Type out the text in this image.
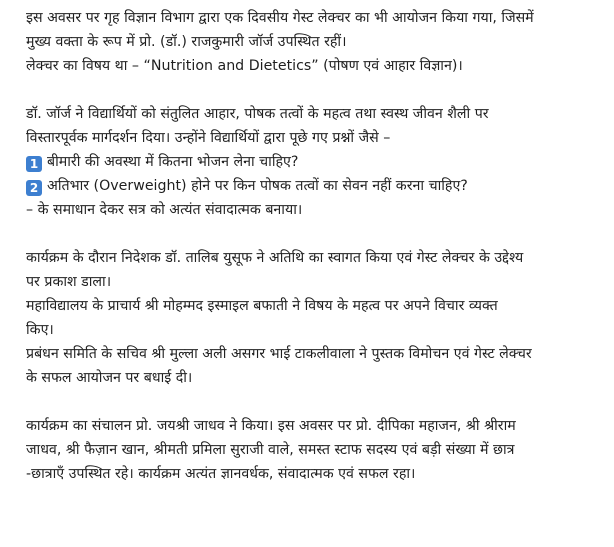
इस अवसर पर गृह विज्ञान विभाग द्वारा एक दिवसीय गेस्ट लेक्चर का भी आयोजन किया गया, जिसमें
मुख्य वक्ता के रूप में प्रो. (डॉ.) राजकुमारी जॉर्ज उपस्थित रहीं।
लेक्चर का विषय था – “Nutrition and Dietetics” (पोषण एवं आहार विज्ञान)।
डॉ. जॉर्ज ने विद्यार्थियों को संतुलित आहार, पोषक तत्वों के महत्व तथा स्वस्थ जीवन शैली पर
विस्तारपूर्वक मार्गदर्शन दिया। उन्होंने विद्यार्थियों द्वारा पूछे गए प्रश्नों जैसे –
1 बीमारी की अवस्था में कितना भोजन लेना चाहिए?
2 अतिभार (Overweight) होने पर किन पोषक तत्वों का सेवन नहीं करना चाहिए?
– के समाधान देकर सत्र को अत्यंत संवादात्मक बनाया।
कार्यक्रम के दौरान निदेशक डॉ. तालिब युसूफ ने अतिथि का स्वागत किया एवं गेस्ट लेक्चर के उद्देश्य
पर प्रकाश डाला।
महाविद्यालय के प्राचार्य श्री मोहम्मद इस्माइल बफाती ने विषय के महत्व पर अपने विचार व्यक्त
किए।
प्रबंधन समिति के सचिव श्री मुल्ला अली असगर भाई टाकलीवाला ने पुस्तक विमोचन एवं गेस्ट लेक्चर
के सफल आयोजन पर बधाई दी।
कार्यक्रम का संचालन प्रो. जयश्री जाधव ने किया। इस अवसर पर प्रो. दीपिका महाजन, श्री श्रीराम
जाधव, श्री फैज़ान खान, श्रीमती प्रमिला सुराजी वाले, समस्त स्टाफ सदस्य एवं बड़ी संख्या में छात्र
-छात्राएँ उपस्थित रहे। कार्यक्रम अत्यंत ज्ञानवर्धक, संवादात्मक एवं सफल रहा।
